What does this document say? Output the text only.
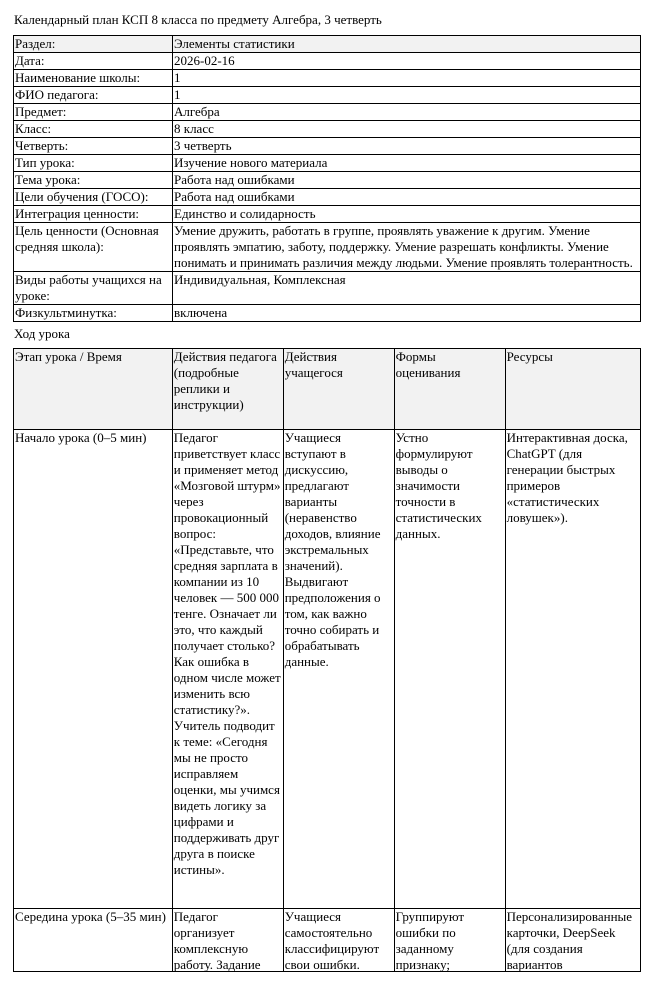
Календарный план КСП 8 класса по предмету Алгебра, 3 четверть
Раздел:	Элементы статистики
Дата:	2026-02-16
Наименование школы:	1
ФИО педагога:	1
Предмет:	Алгебра
Класс:	8 класс
Четверть:	3 четверть
Тип урока:	Изучение нового материала
Тема урока:	Работа над ошибками
Цели обучения (ГОСО):	Работа над ошибками
Интеграция ценности:	Единство и солидарность
Цель ценности (Основная средняя школа):	Умение дружить, работать в группе, проявлять уважение к другим. Умение проявлять эмпатию, заботу, поддержку. Умение разрешать конфликты. Умение понимать и принимать различия между людьми. Умение проявлять толерантность.
Виды работы учащихся на уроке:	Индивидуальная, Комплексная
Физкультминутка:	включена
Ход урока
Этап урока / Время	Действия педагога (подробные реплики и инструкции)	Действия учащегося	Формы оценивания	Ресурсы
Начало урока (0–5 мин)	Педагог приветствует класс и применяет метод «Мозговой штурм» через провокационный вопрос: «Представьте, что средняя зарплата в компании из 10 человек — 500 000 тенге. Означает ли это, что каждый получает столько? Как ошибка в одном числе может изменить всю статистику?». Учитель подводит к теме: «Сегодня мы не просто исправляем оценки, мы учимся видеть логику за цифрами и поддерживать друг друга в поиске истины».	Учащиеся вступают в дискуссию, предлагают варианты (неравенство доходов, влияние экстремальных значений). Выдвигают предположения о том, как важно точно собирать и обрабатывать данные.	Устно формулируют выводы о значимости точности в статистических данных.	Интерактивная доска, ChatGPT (для генерации быстрых примеров «статистических ловушек»).

Середина урока (5–35 мин)	Педагог организует комплексную работу. Задание	Учащиеся самостоятельно классифицируют свои ошибки.	Группируют ошибки по заданному признаку;	Персонализированные карточки, DeepSeek (для создания вариантов
